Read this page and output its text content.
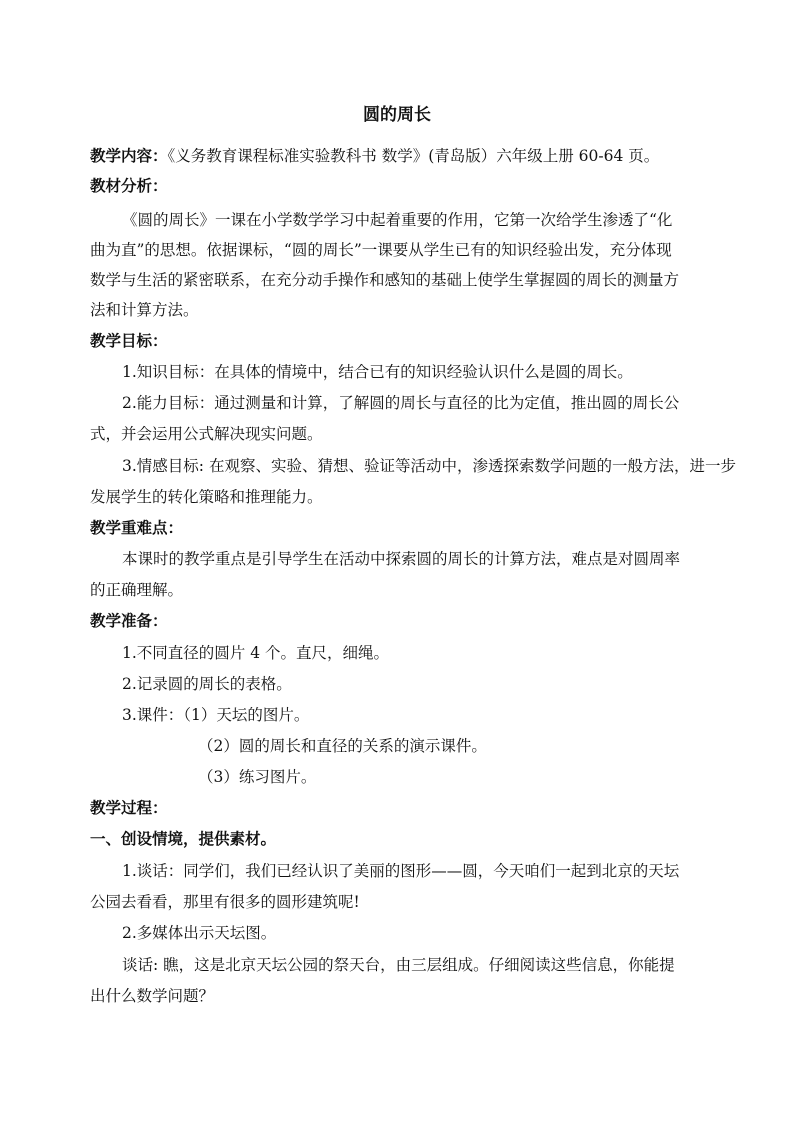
圆的周长
教学内容：《义务教育课程标准实验教科书 数学》(青岛版）六年级上册 60-64 页。
教材分析：
《圆的周长》一课在小学数学学习中起着重要的作用，它第一次给学生渗透了“化
曲为直”的思想。依据课标，“圆的周长”一课要从学生已有的知识经验出发，充分体现
数学与生活的紧密联系，在充分动手操作和感知的基础上使学生掌握圆的周长的测量方
法和计算方法。
教学目标：
1.知识目标：在具体的情境中，结合已有的知识经验认识什么是圆的周长。
2.能力目标：通过测量和计算，了解圆的周长与直径的比为定值，推出圆的周长公
式，并会运用公式解决现实问题。
3.情感目标: 在观察、实验、猜想、验证等活动中，渗透探索数学问题的一般方法，进一步
发展学生的转化策略和推理能力。
教学重难点：
本课时的教学重点是引导学生在活动中探索圆的周长的计算方法，难点是对圆周率
的正确理解。
教学准备：
1.不同直径的圆片 4 个。直尺，细绳。
2.记录圆的周长的表格。
3.课件：（1）天坛的图片。
（2）圆的周长和直径的关系的演示课件。
（3）练习图片。
教学过程：
一、创设情境，提供素材。
1.谈话：同学们，我们已经认识了美丽的图形——圆，今天咱们一起到北京的天坛
公园去看看，那里有很多的圆形建筑呢!
2.多媒体出示天坛图。
谈话: 瞧，这是北京天坛公园的祭天台，由三层组成。仔细阅读这些信息，你能提
出什么数学问题？
